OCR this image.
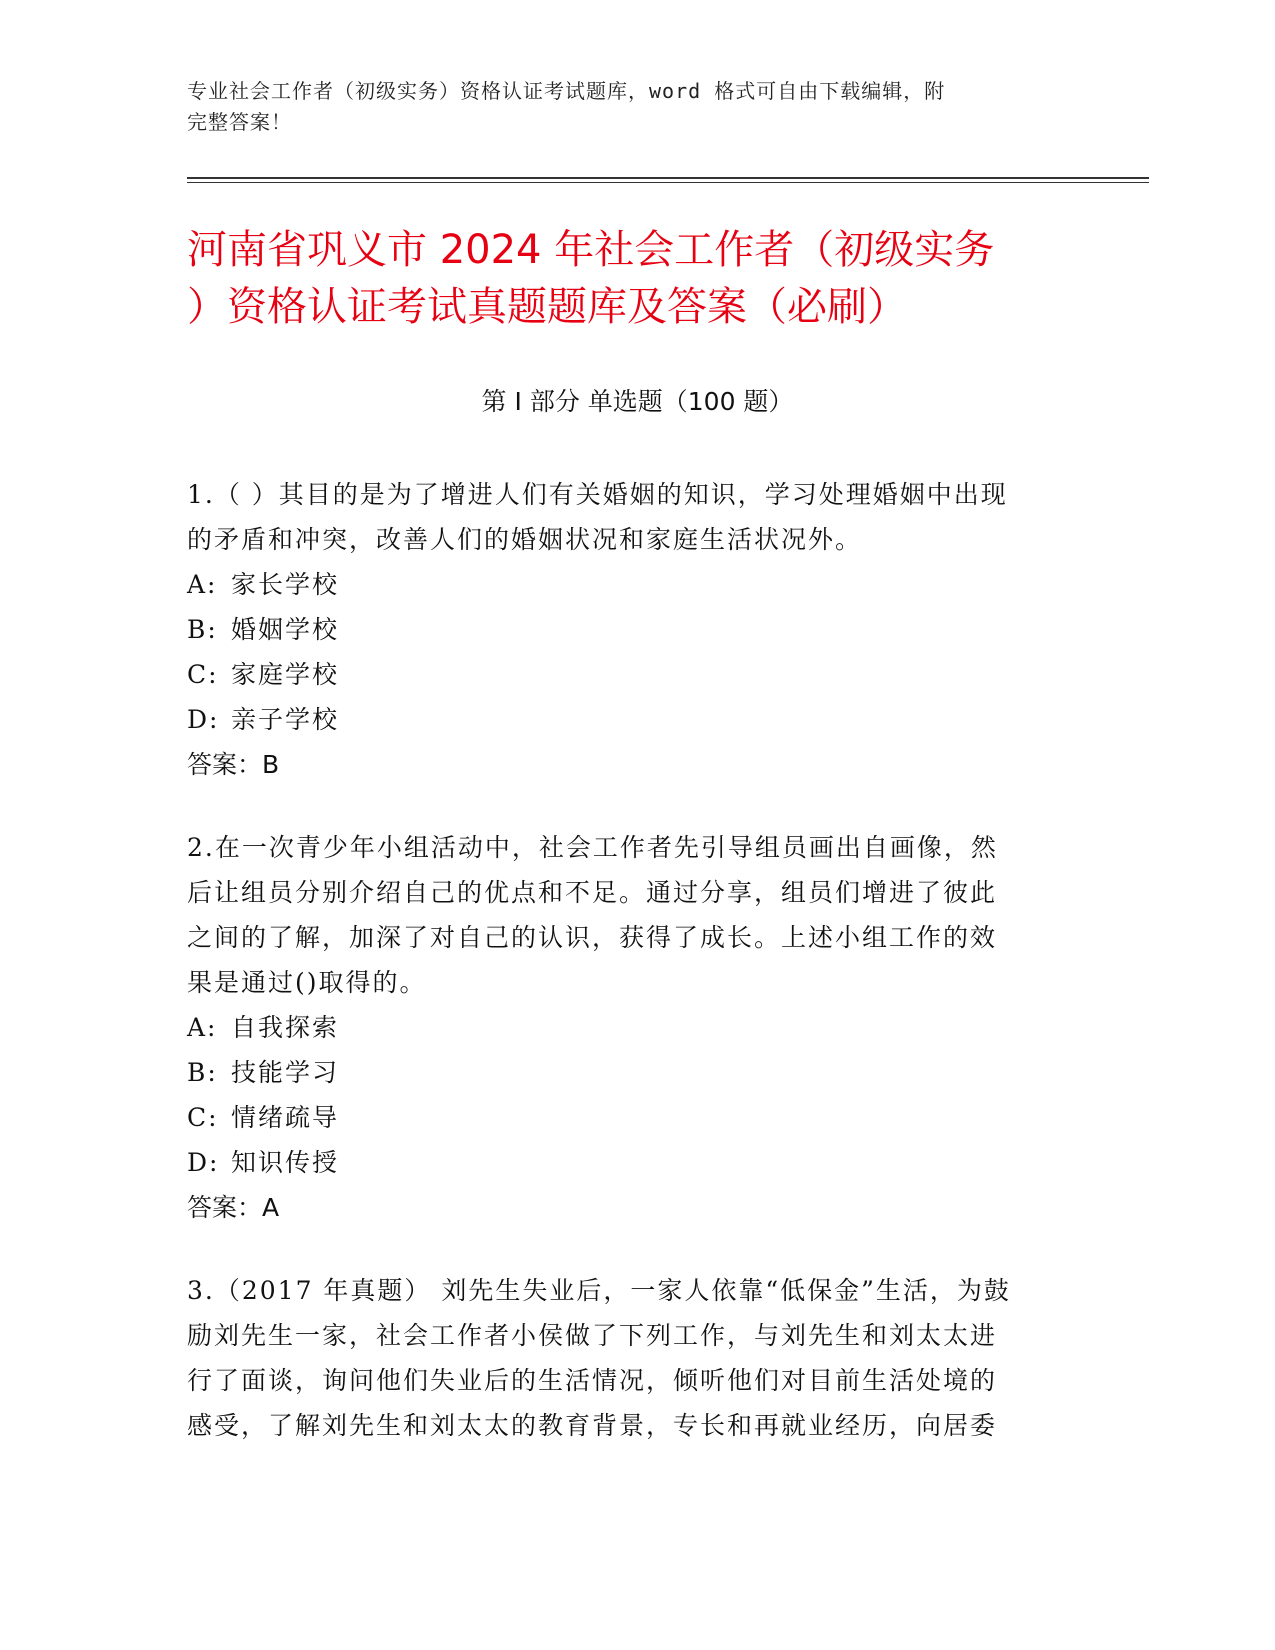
专业社会工作者（初级实务）资格认证考试题库，word 格式可自由下载编辑，附
完整答案！
河南省巩义市 2024 年社会工作者（初级实务
）资格认证考试真题题库及答案（必刷）
第 I 部分 单选题（100 题）

1.（ ）其目的是为了增进人们有关婚姻的知识，学习处理婚姻中出现
的矛盾和冲突，改善人们的婚姻状况和家庭生活状况外。

A: 家长学校

B: 婚姻学校

C: 家庭学校

D: 亲子学校

答案：B

2.在一次青少年小组活动中，社会工作者先引导组员画出自画像，然
后让组员分别介绍自己的优点和不足。通过分享，组员们增进了彼此
之间的了解，加深了对自己的认识，获得了成长。上述小组工作的效
果是通过()取得的。

A: 自我探索

B: 技能学习

C: 情绪疏导

D: 知识传授

答案：A

3.（2017 年真题） 刘先生失业后，一家人依靠“低保金”生活，为鼓
励刘先生一家，社会工作者小侯做了下列工作，与刘先生和刘太太进
行了面谈，询问他们失业后的生活情况，倾听他们对目前生活处境的
感受，了解刘先生和刘太太的教育背景，专长和再就业经历，向居委
